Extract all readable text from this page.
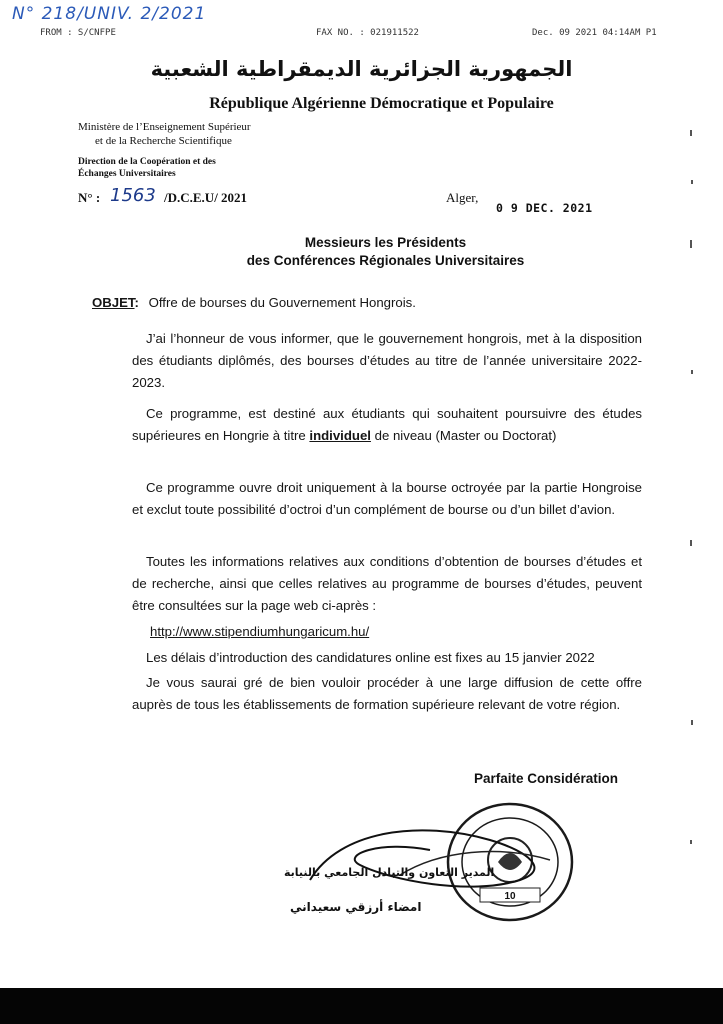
N° 218/UNIV. 2/2021
FROM : S/CNFPE	FAX NO. : 021911522	Dec. 09 2021 04:14AM P1
الجمهورية الجزائرية الديمقراطية الشعبية
République Algérienne Démocratique et Populaire
Ministère de l’Enseignement Supérieur
et de la Recherche Scientifique
Direction de la Coopération et des
Échanges Universitaires
N° : 1563 /D.C.E.U/ 2021	Alger,
0 9 DEC. 2021
Messieurs les Présidents
des Conférences Régionales Universitaires
OBJET: Offre de bourses du Gouvernement Hongrois.
J’ai l’honneur de vous informer, que le gouvernement hongrois, met à la disposition des étudiants diplômés, des bourses d’études au titre de l’année universitaire 2022-2023.
Ce programme, est destiné aux étudiants qui souhaitent poursuivre des études supérieures en Hongrie à titre individuel de niveau (Master ou Doctorat)
Ce programme ouvre droit uniquement à la bourse octroyée par la partie Hongroise et exclut toute possibilité d’octroi d’un complément de bourse ou d’un billet d’avion.
Toutes les informations relatives aux conditions d’obtention de bourses d’études et de recherche, ainsi que celles relatives au programme de bourses d’études, peuvent être consultées sur la page web ci-après :
http://www.stipendiumhungaricum.hu/
Les délais d’introduction des candidatures online est fixes au 15 janvier 2022
Je vous saurai gré de bien vouloir procéder à une large diffusion de cette offre auprès de tous les établissements de formation supérieure relevant de votre région.
Parfaite Considération
10
المدير التعاون والتبادل الجامعي بالنيابة
امضاء أرزقي سعيداني
